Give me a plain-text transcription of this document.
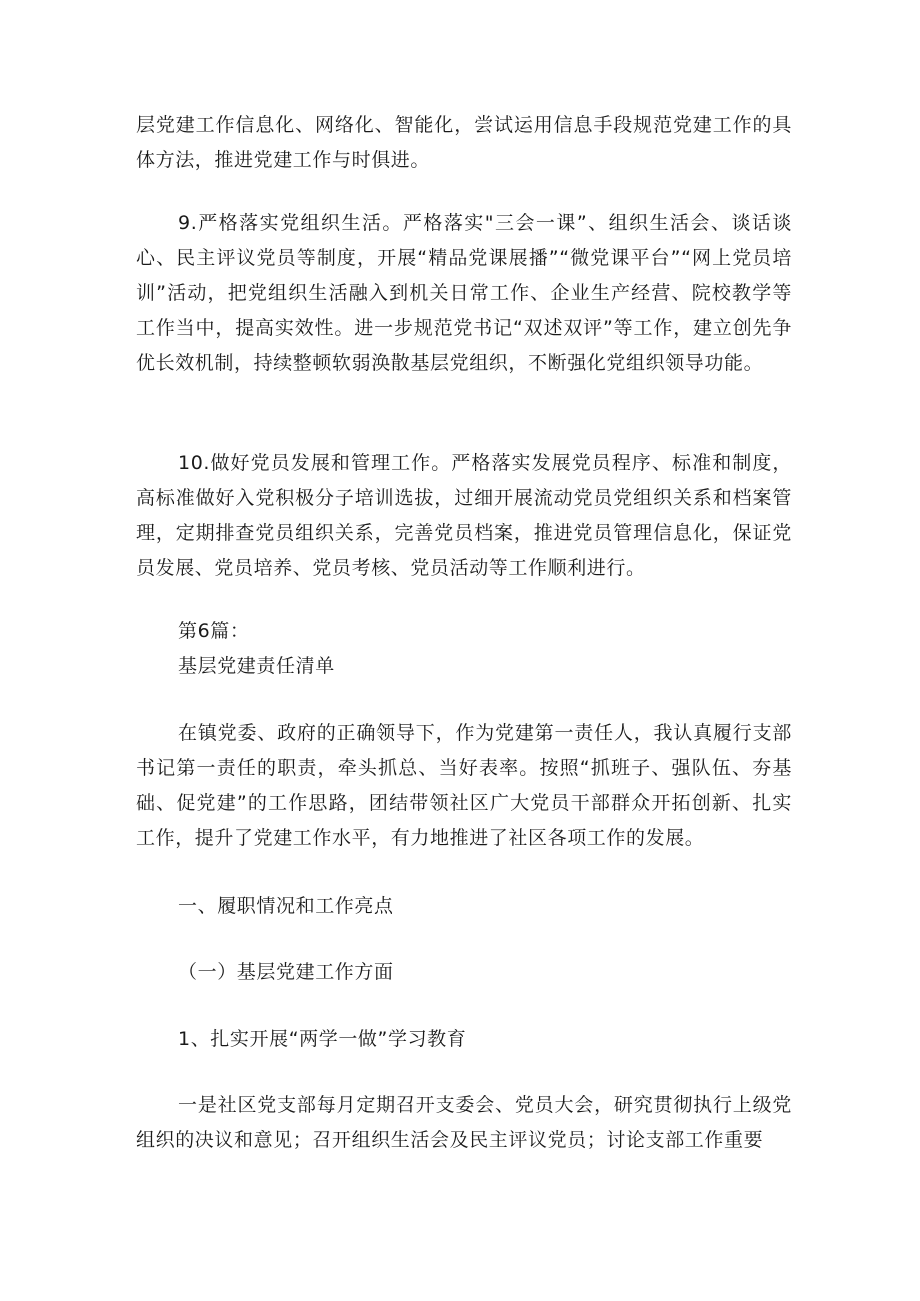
层党建工作信息化、网络化、智能化，尝试运用信息手段规范党建工作的具体方法，推进党建工作与时俱进。

9.严格落实党组织生活。严格落实"三会一课”、组织生活会、谈话谈心、民主评议党员等制度，开展“精品党课展播”“微党课平台”“网上党员培训”活动，把党组织生活融入到机关日常工作、企业生产经营、院校教学等工作当中，提高实效性。进一步规范党书记“双述双评”等工作，建立创先争优长效机制，持续整顿软弱涣散基层党组织，不断强化党组织领导功能。

10.做好党员发展和管理工作。严格落实发展党员程序、标准和制度，高标准做好入党积极分子培训选拔，过细开展流动党员党组织关系和档案管理，定期排查党员组织关系，完善党员档案，推进党员管理信息化，保证党员发展、党员培养、党员考核、党员活动等工作顺利进行。

第6篇：

基层党建责任清单

在镇党委、政府的正确领导下，作为党建第一责任人，我认真履行支部书记第一责任的职责，牵头抓总、当好表率。按照“抓班子、强队伍、夯基础、促党建”的工作思路，团结带领社区广大党员干部群众开拓创新、扎实工作，提升了党建工作水平，有力地推进了社区各项工作的发展。

一、履职情况和工作亮点

（一）基层党建工作方面

1、扎实开展“两学一做”学习教育

一是社区党支部每月定期召开支委会、党员大会，研究贯彻执行上级党组织的决议和意见；召开组织生活会及民主评议党员；讨论支部工作重要
